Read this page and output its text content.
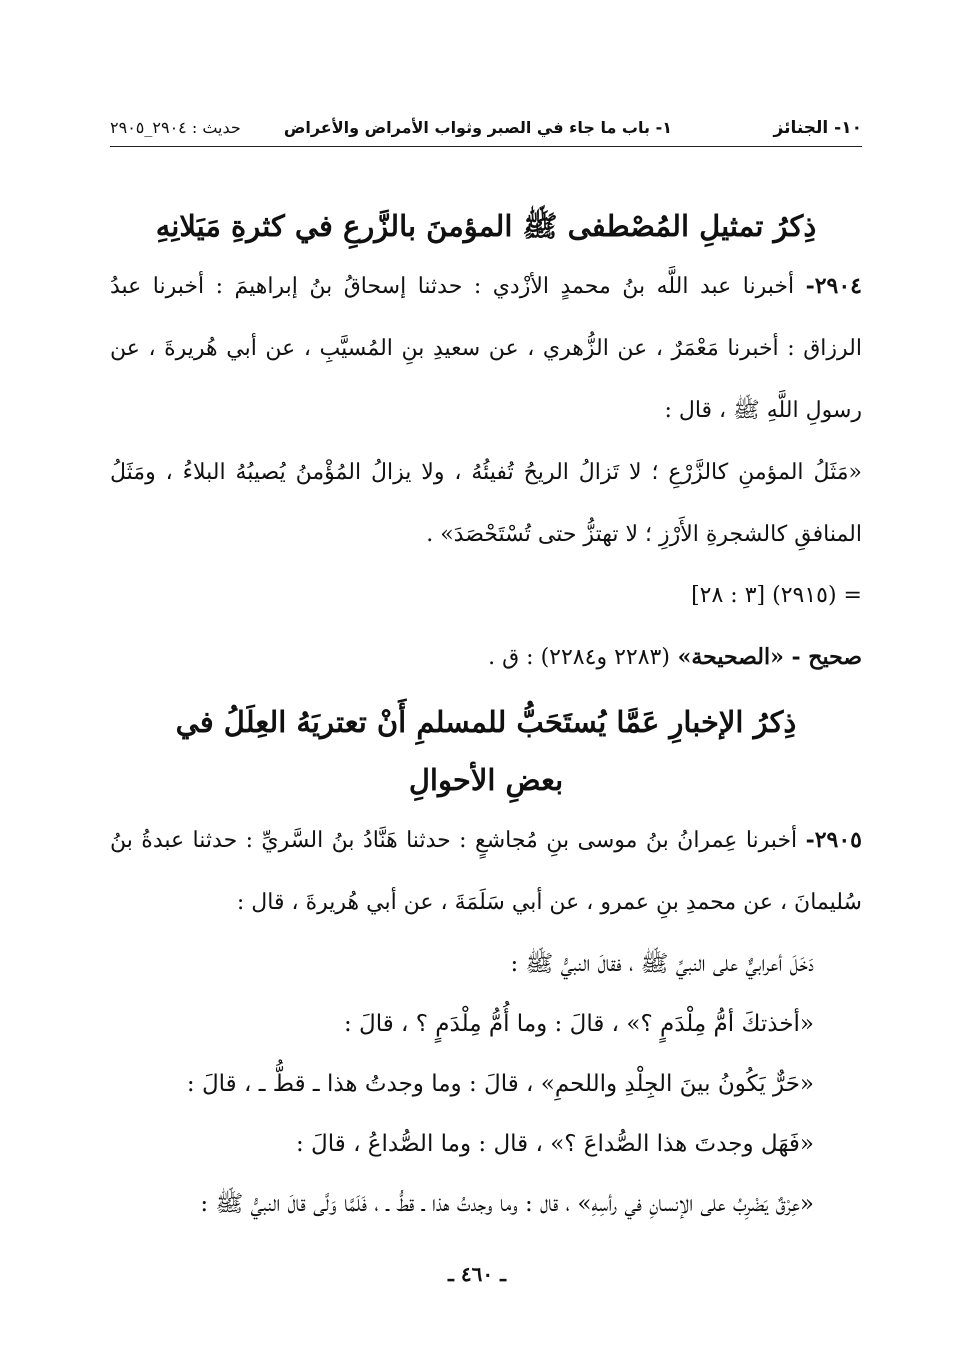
١٠- الجنائز
١- باب ما جاء في الصبر وثواب الأمراض والأعراض
حديث : ٢٩٠٤_٢٩٠٥
ذِكرُ تمثيلِ المُصْطفى ﷺ المؤمنَ بالزَّرعِ في كثرةِ مَيَلانِهِ

٢٩٠٤- أخبرنا عبد اللَّه بنُ محمدٍ الأزْدي : حدثنا إسحاقُ بنُ إبراهيمَ : أخبرنا عبدُ الرزاق : أخبرنا مَعْمَرٌ ، عن الزُّهري ، عن سعيدِ بنِ المُسيَّبِ ، عن أبي هُريرةَ ، عن رسولِ اللَّهِ ﷺ ، قال :

«مَثَلُ المؤمنِ كالزَّرْعِ ؛ لا تَزالُ الريحُ تُفيئُهُ ، ولا يزالُ المُؤْمنُ يُصيبُهُ البلاءُ ، ومَثَلُ المنافقِ كالشجرةِ الأَرْزِ ؛ لا تهتزُّ حتى تُسْتَحْصَدَ» .

= (٢٩١٥) [٣ : ٢٨]

صحيح - «الصحيحة» (٢٢٨٣ و٢٢٨٤) : ق .

ذِكرُ الإخبارِ عَمَّا يُستَحَبُّ للمسلمِ أَنْ تعتريَهُ العِلَلُ في
بعضِ الأحوالِ

٢٩٠٥- أخبرنا عِمرانُ بنُ موسى بنِ مُجاشعٍ : حدثنا هَنَّادُ بنُ السَّريِّ : حدثنا عبدةُ بنُ سُليمانَ ، عن محمدِ بنِ عمرو ، عن أبي سَلَمَةَ ، عن أبي هُريرةَ ، قال :

دَخَلَ أعرابيٌّ على النبيِّ ﷺ ، فقالَ النبيُّ ﷺ :

«أخذتكَ أمُّ مِلْدَمٍ ؟» ، قالَ : وما أُمُّ مِلْدَمٍ ؟ ، قالَ :

«حَرٌّ يَكُونُ بينَ الجِلْدِ واللحمِ» ، قالَ : وما وجدتُ هذا ـ قطُّ ـ ، قالَ :

«فَهَل وجدتَ هذا الصُّداعَ ؟» ، قال : وما الصُّداعُ ، قالَ :

«عِرْقٌ يَضْرِبُ على الإنسانِ في رأسِهِ» ، قال : وما وجدتُ هذا ـ قطُّ ـ ، فَلَمَّا وَلَّى قالَ النبيُّ ﷺ :

ـ ٤٦٠ ـ
